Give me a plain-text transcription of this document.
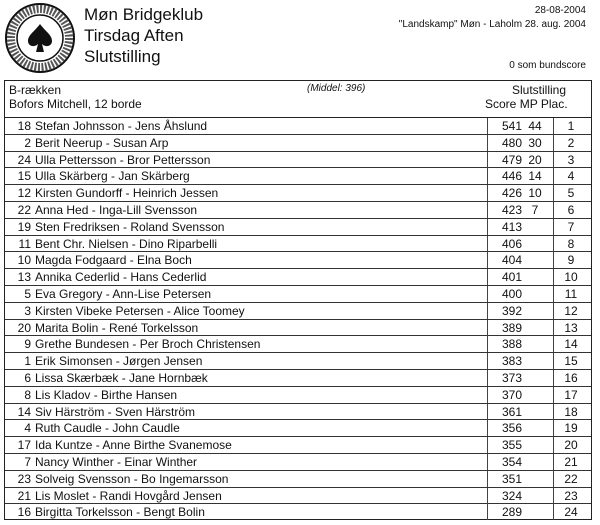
Møn Bridgeklub
Tirsdag Aften
Slutstilling
28-08-2004
"Landskamp" Møn - Laholm 28. aug. 2004
0 som bundscore
B-rækken
Bofors Mitchell, 12 borde
(Middel: 396)	Slutstilling
Score MP Plac.
18 Stefan Johnsson - Jens Åhslund	541 44	1
2 Berit Neerup - Susan Arp	480 30	2
24 Ulla Pettersson - Bror Pettersson	479 20	3
15 Ulla Skärberg - Jan Skärberg	446 14	4
12 Kirsten Gundorff - Heinrich Jessen	426 10	5
22 Anna Hed - Inga-Lill Svensson	423 7	6
19 Sten Fredriksen - Roland Svensson	413	7
11 Bent Chr. Nielsen - Dino Riparbelli	406	8
10 Magda Fodgaard - Elna Boch	404	9
13 Annika Cederlid - Hans Cederlid	401	10
5 Eva Gregory - Ann-Lise Petersen	400	11
3 Kirsten Vibeke Petersen - Alice Toomey	392	12
20 Marita Bolin - René Torkelsson	389	13
9 Grethe Bundesen - Per Broch Christensen	388	14
1 Erik Simonsen - Jørgen Jensen	383	15
6 Lissa Skærbæk - Jane Hornbæk	373	16
8 Lis Kladov - Birthe Hansen	370	17
14 Siv Härström - Sven Härström	361	18
4 Ruth Caudle - John Caudle	356	19
17 Ida Kuntze - Anne Birthe Svanemose	355	20
7 Nancy Winther - Einar Winther	354	21
23 Solveig Svensson - Bo Ingemarsson	351	22
21 Lis Moslet - Randi Hovgård Jensen	324	23
16 Birgitta Torkelsson - Bengt Bolin	289	24
